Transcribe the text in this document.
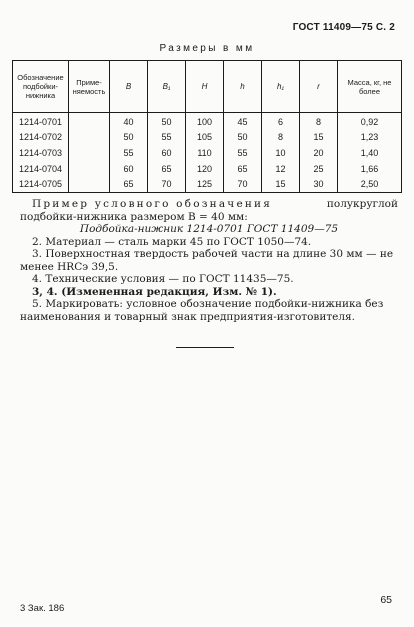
ГОСТ 11409—75 С. 2
Размеры в мм
Обозначение подбойки-нижника	Приме-няемость	B	B₁	H	h	h₁	r	Масса, кг, не более
1214-0701		40	50	100	45	6	8	0,92
1214-0702		50	55	105	50	8	15	1,23
1214-0703		55	60	110	55	10	20	1,40
1214-0704		60	65	120	65	12	25	1,66
1214-0705		65	70	125	70	15	30	2,50

Пример условного обозначения	полукруглой

подбойки-нижника размером B = 40 мм:

Подбойка-нижник 1214-0701 ГОСТ 11409—75

2. Материал — сталь марки 45 по ГОСТ 1050—74.

3. Поверхностная твердость рабочей части на длине 30 мм — не менее HRCэ 39,5.

4. Технические условия — по ГОСТ 11435—75.

3, 4. (Измененная редакция, Изм. № 1).

5. Маркировать: условное обозначение подбойки-нижника без наименования и товарный знак предприятия-изготовителя.

3 Зак. 186
65
